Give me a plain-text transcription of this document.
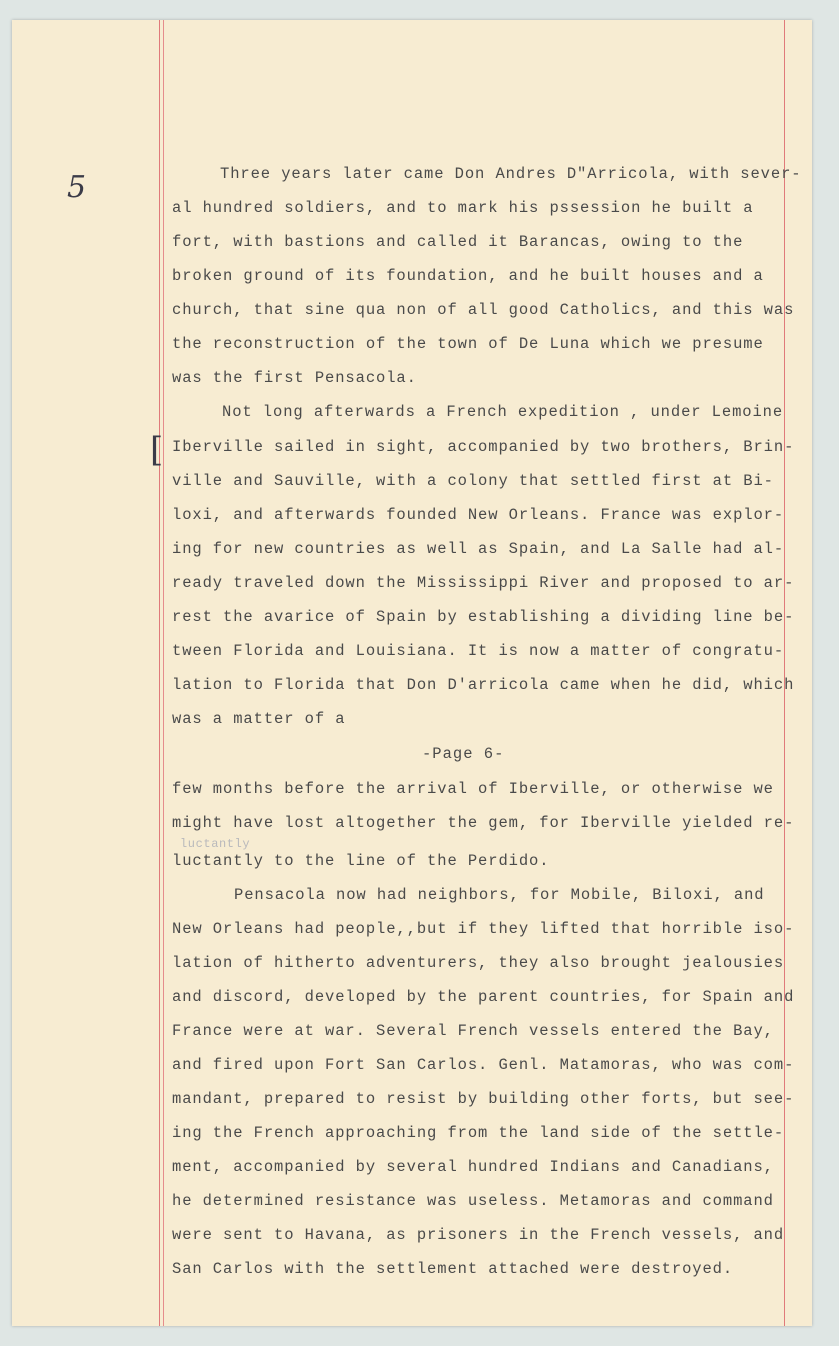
5
[

Three years later came Don Andres D"Arricola, with sever-

al hundred soldiers, and to mark his pssession he built a

fort, with bastions and called it Barancas, owing to the

broken ground of its foundation, and he built houses and a

church, that sine qua non of all good Catholics, and this was

the reconstruction of the town of De Luna which we presume

was the first Pensacola.

Not long afterwards a French expedition , under Lemoine

Iberville sailed in sight, accompanied by two brothers, Brin-

ville and Sauville, with a colony that settled first at Bi-

loxi, and afterwards founded New Orleans. France was explor-

ing for new countries as well as Spain, and La Salle had al-

ready traveled down the Mississippi River and proposed to ar-

rest the avarice of Spain by establishing a dividing line be-

tween Florida and Louisiana. It is now a matter of congratu-

lation to Florida that Don D'arricola came when he did, which

was a matter of a

-Page 6-

few months before the arrival of Iberville, or otherwise we

might have lost altogether the gem, for Iberville yielded re-

luctantly

luctantly to the line of the Perdido.

Pensacola now had neighbors, for Mobile, Biloxi, and

New Orleans had people,,but if they lifted that horrible iso-

lation of hitherto adventurers, they also brought jealousies

and discord, developed by the parent countries, for Spain and

France were at war. Several French vessels entered the Bay,

and fired upon Fort San Carlos. Genl. Matamoras, who was com-

mandant, prepared to resist by building other forts, but see-

ing the French approaching from the land side of the settle-

ment, accompanied by several hundred Indians and Canadians,

he determined resistance was useless. Metamoras and command

were sent to Havana, as prisoners in the French vessels, and

San Carlos with the settlement attached were destroyed.
